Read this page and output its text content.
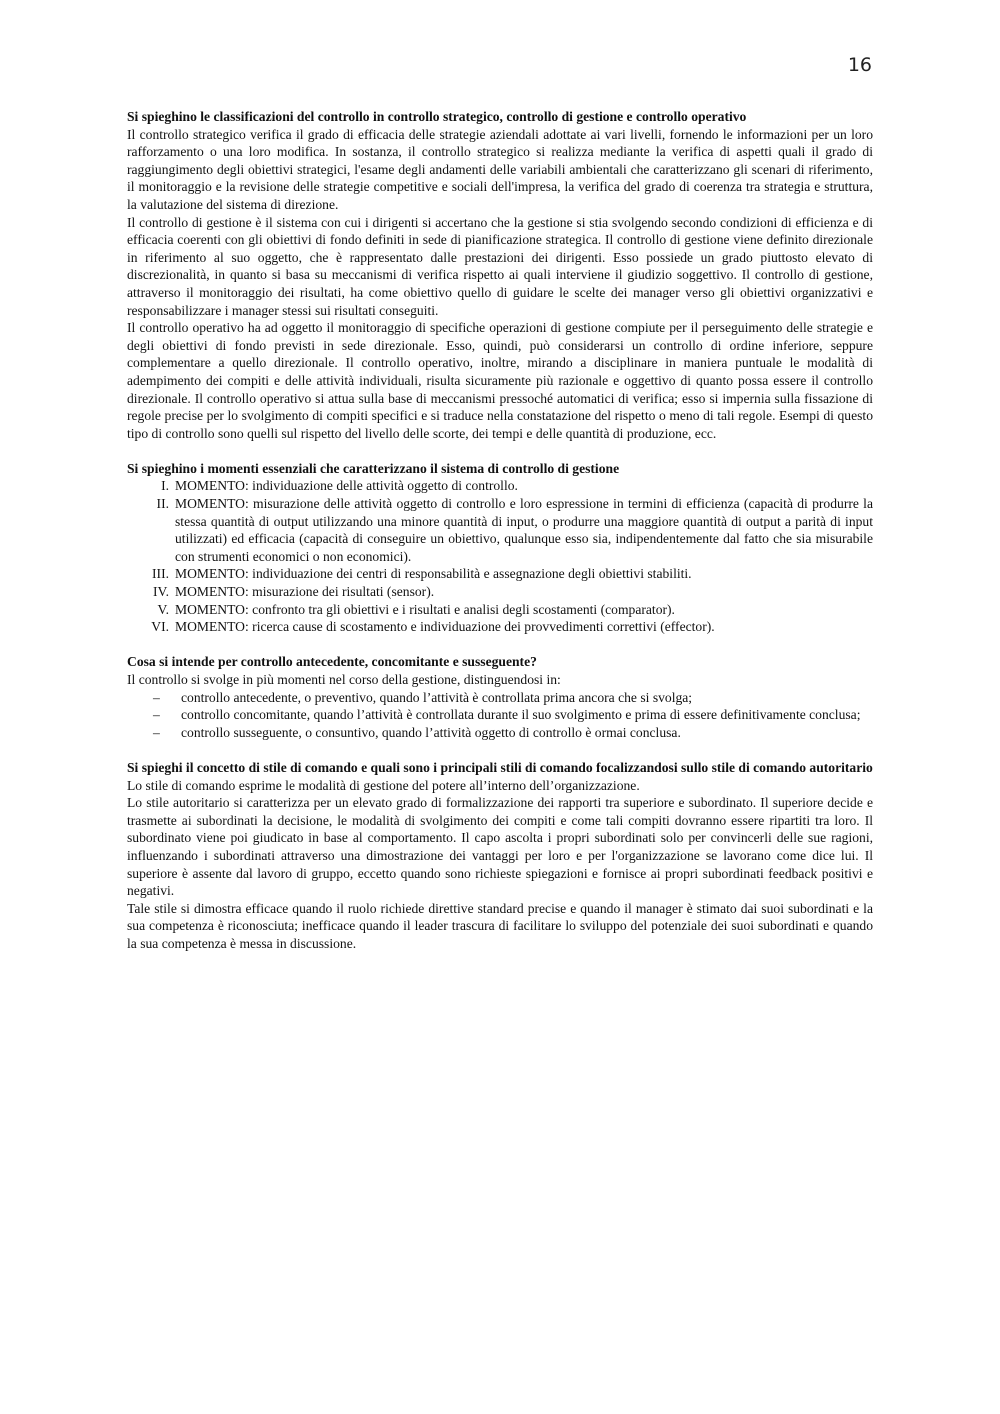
16

Si spieghino le classificazioni del controllo in controllo strategico, controllo di gestione e controllo operativo

Il controllo strategico verifica il grado di efficacia delle strategie aziendali adottate ai vari livelli, fornendo le informazioni per un loro rafforzamento o una loro modifica. In sostanza, il controllo strategico si realizza mediante la verifica di aspetti quali il grado di raggiungimento degli obiettivi strategici, l'esame degli andamenti delle variabili ambientali che caratterizzano gli scenari di riferimento, il monitoraggio e la revisione delle strategie competitive e sociali dell'impresa, la verifica del grado di coerenza tra strategia e struttura, la valutazione del sistema di direzione.

Il controllo di gestione è il sistema con cui i dirigenti si accertano che la gestione si stia svolgendo secondo condizioni di efficienza e di efficacia coerenti con gli obiettivi di fondo definiti in sede di pianificazione strategica. Il controllo di gestione viene definito direzionale in riferimento al suo oggetto, che è rappresentato dalle prestazioni dei dirigenti. Esso possiede un grado piuttosto elevato di discrezionalità, in quanto si basa su meccanismi di verifica rispetto ai quali interviene il giudizio soggettivo. Il controllo di gestione, attraverso il monitoraggio dei risultati, ha come obiettivo quello di guidare le scelte dei manager verso gli obiettivi organizzativi e responsabilizzare i manager stessi sui risultati conseguiti.

Il controllo operativo ha ad oggetto il monitoraggio di specifiche operazioni di gestione compiute per il perseguimento delle strategie e degli obiettivi di fondo previsti in sede direzionale. Esso, quindi, può considerarsi un controllo di ordine inferiore, seppure complementare a quello direzionale. Il controllo operativo, inoltre, mirando a disciplinare in maniera puntuale le modalità di adempimento dei compiti e delle attività individuali, risulta sicuramente più razionale e oggettivo di quanto possa essere il controllo direzionale. Il controllo operativo si attua sulla base di meccanismi pressoché automatici di verifica; esso si impernia sulla fissazione di regole precise per lo svolgimento di compiti specifici e si traduce nella constatazione del rispetto o meno di tali regole. Esempi di questo tipo di controllo sono quelli sul rispetto del livello delle scorte, dei tempi e delle quantità di produzione, ecc.

Si spieghino i momenti essenziali che caratterizzano il sistema di controllo di gestione

I. MOMENTO: individuazione delle attività oggetto di controllo.
II. MOMENTO: misurazione delle attività oggetto di controllo e loro espressione in termini di efficienza (capacità di produrre la stessa quantità di output utilizzando una minore quantità di input, o produrre una maggiore quantità di output a parità di input utilizzati) ed efficacia (capacità di conseguire un obiettivo, qualunque esso sia, indipendentemente dal fatto che sia misurabile con strumenti economici o non economici).
III. MOMENTO: individuazione dei centri di responsabilità e assegnazione degli obiettivi stabiliti.
IV. MOMENTO: misurazione dei risultati (sensor).
V. MOMENTO: confronto tra gli obiettivi e i risultati e analisi degli scostamenti (comparator).
VI. MOMENTO: ricerca cause di scostamento e individuazione dei provvedimenti correttivi (effector).

Cosa si intende per controllo antecedente, concomitante e susseguente?

Il controllo si svolge in più momenti nel corso della gestione, distinguendosi in:

–	controllo antecedente, o preventivo, quando l’attività è controllata prima ancora che si svolga;
–	controllo concomitante, quando l’attività è controllata durante il suo svolgimento e prima di essere definitivamente conclusa;
–	controllo susseguente, o consuntivo, quando l’attività oggetto di controllo è ormai conclusa.

Si spieghi il concetto di stile di comando e quali sono i principali stili di comando focalizzandosi sullo stile di comando autoritario

Lo stile di comando esprime le modalità di gestione del potere all’interno dell’organizzazione.

Lo stile autoritario si caratterizza per un elevato grado di formalizzazione dei rapporti tra superiore e subordinato. Il superiore decide e trasmette ai subordinati la decisione, le modalità di svolgimento dei compiti e come tali compiti dovranno essere ripartiti tra loro. Il subordinato viene poi giudicato in base al comportamento. Il capo ascolta i propri subordinati solo per convincerli delle sue ragioni, influenzando i subordinati attraverso una dimostrazione dei vantaggi per loro e per l'organizzazione se lavorano come dice lui. Il superiore è assente dal lavoro di gruppo, eccetto quando sono richieste spiegazioni e fornisce ai propri subordinati feedback positivi e negativi.

Tale stile si dimostra efficace quando il ruolo richiede direttive standard precise e quando il manager è stimato dai suoi subordinati e la sua competenza è riconosciuta; inefficace quando il leader trascura di facilitare lo sviluppo del potenziale dei suoi subordinati e quando la sua competenza è messa in discussione.
